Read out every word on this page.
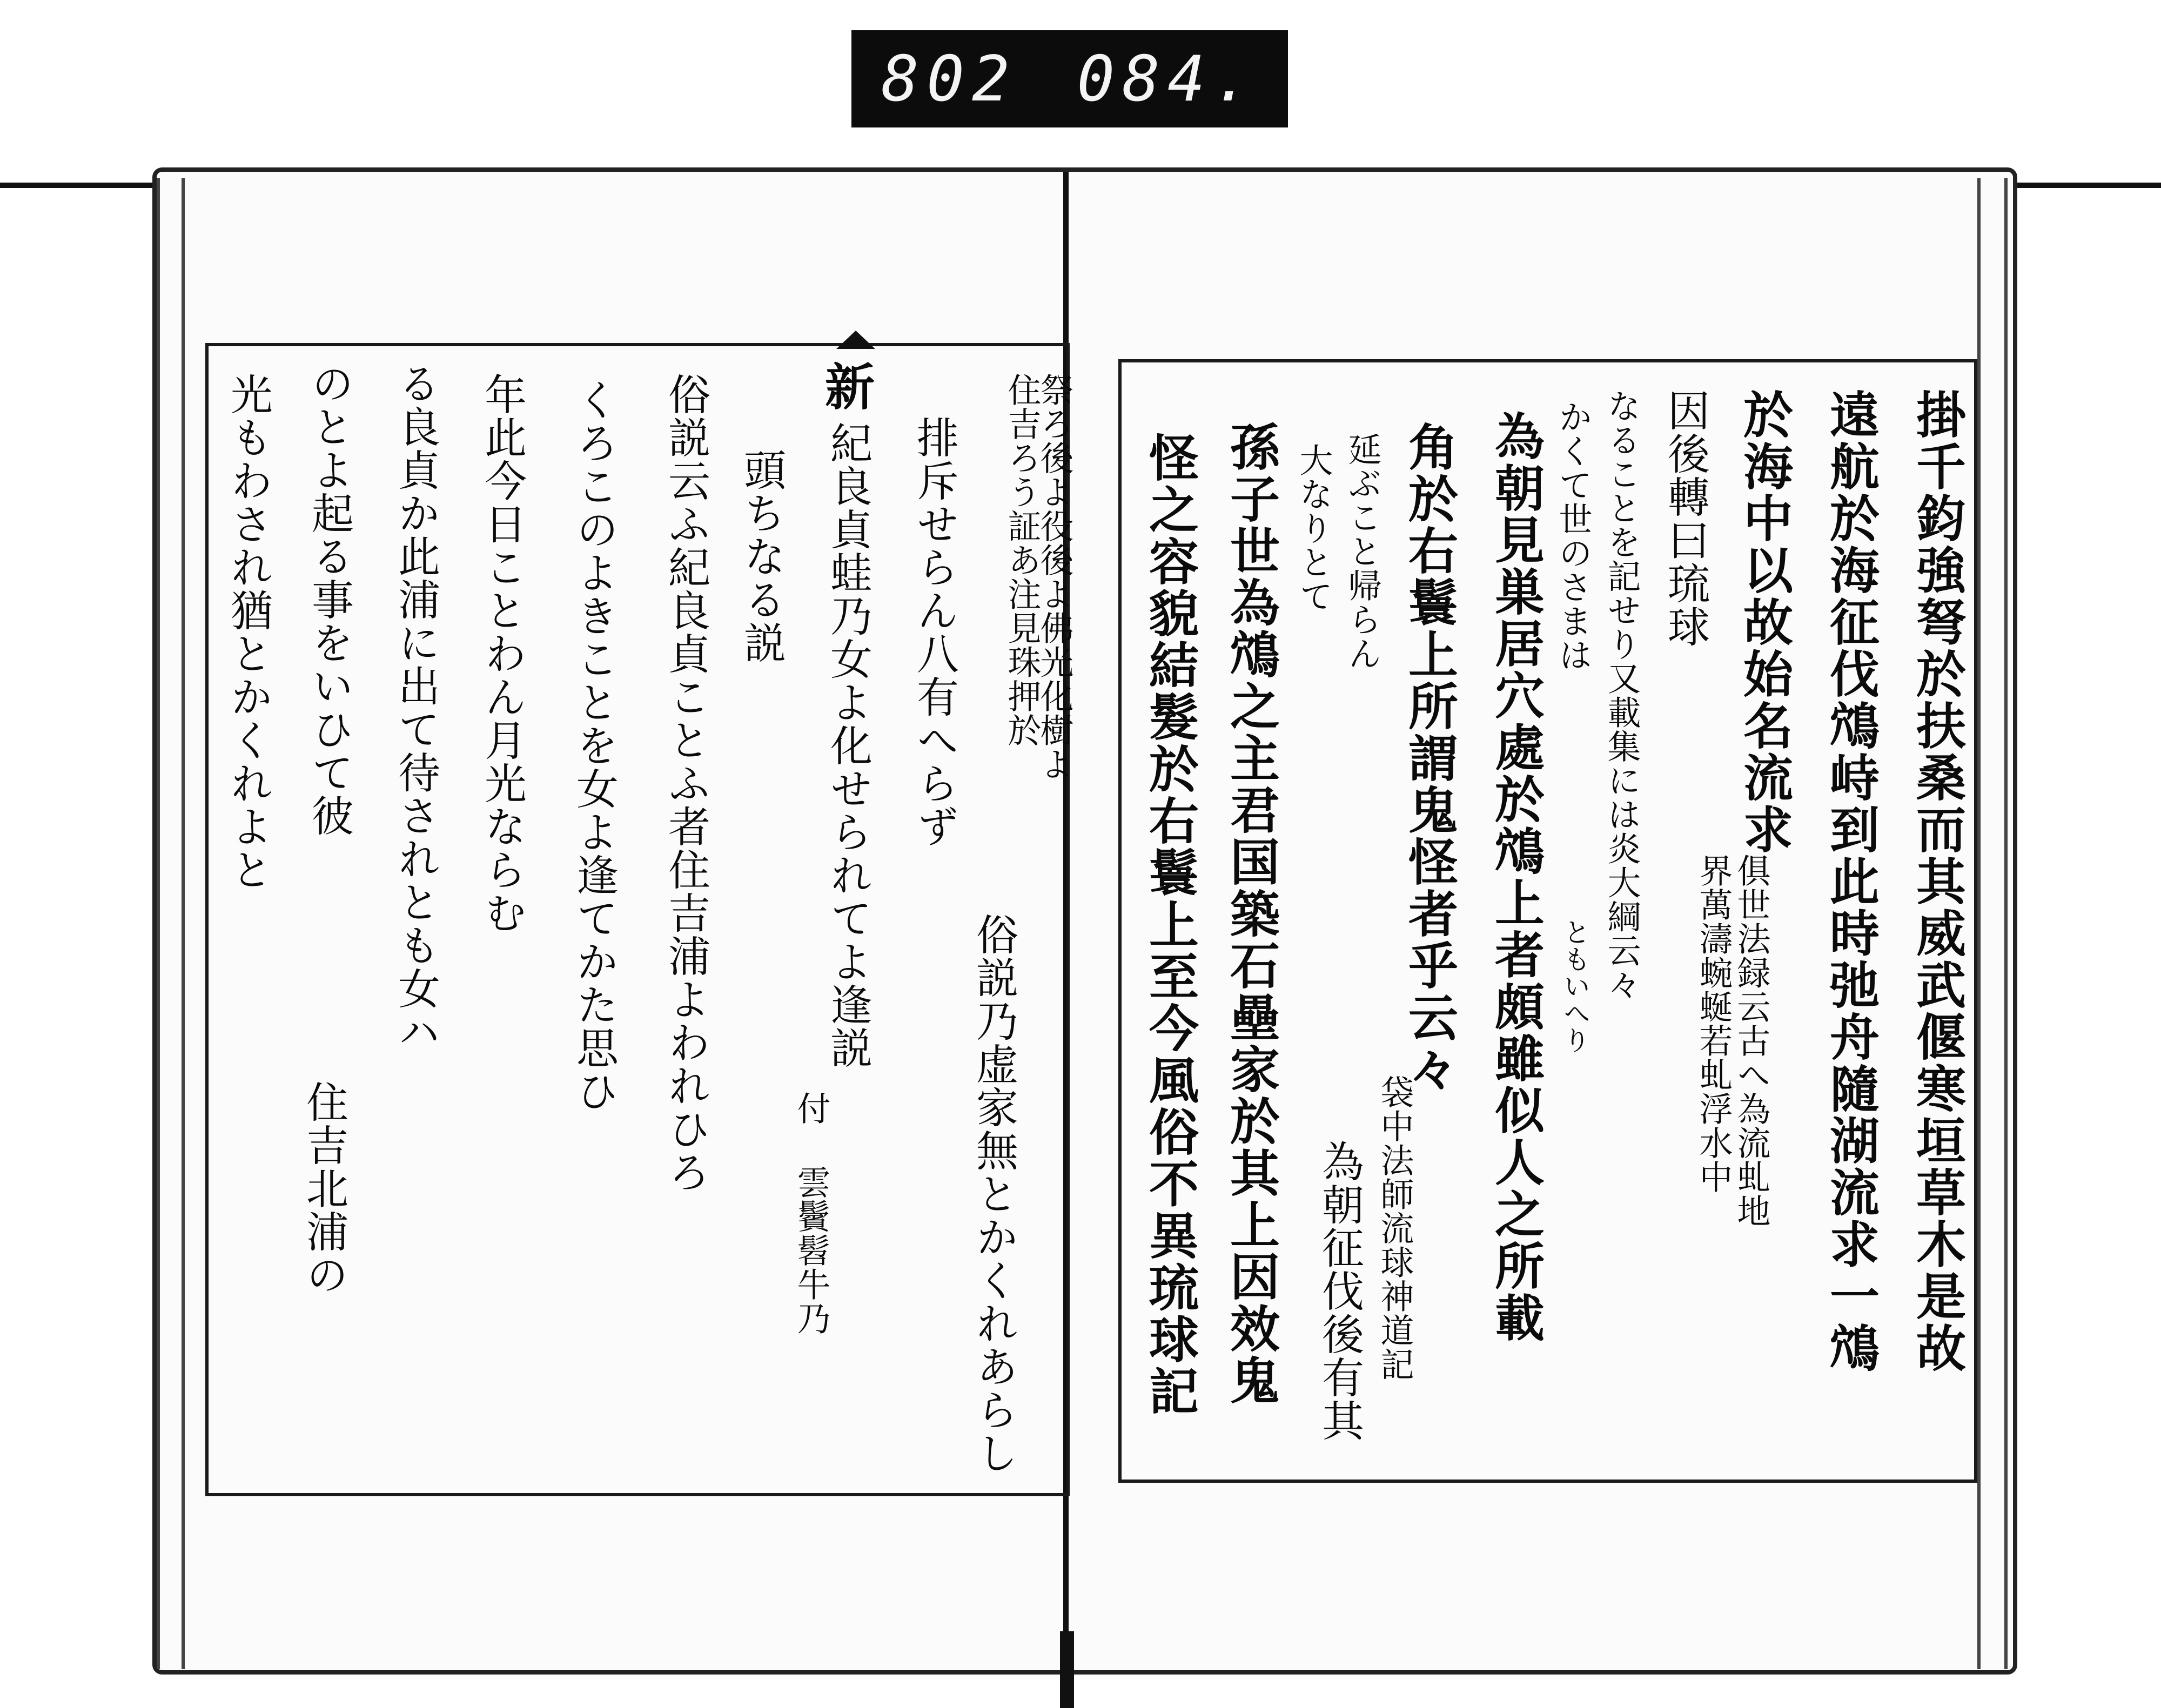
802 084.
新	祭ろ後よ役後よ佛光化樹よ
住吉ろう証あ注見珠押於
俗説乃虚家無とかくれあらし
紀良貞蛙乃女よ化せられてよ逢説
付 雲鬢髫牛乃
排斥せらん八有へらず
頭ちなる説
俗説云ふ紀良貞ことふ者住吉浦よわれひろ
くろこのよきことを女よ逢てかた思ひ
年此今日ことわん月光ならむ
る良貞か此浦に出て待されとも女ハ
のとよ起る事をいひて彼
光もわされ猶とかくれよと
住吉北浦の	掛千鈞強弩於扶桑而其威武偃寒垣草木是故
遠航於海征伐鴪峙到此時弛舟隨湖流求一鴪
於海中以故始名流求
俱世法録云古へ為流虬地
界萬濤蜿蜒若虬浮水中
因後轉曰琉球
なることを記せり又載集には炎大綱云々
かくて世のさまは
ともいへり
為朝見巣居穴處於鴪上者頗雖似人之所載
角於右鬟上所謂鬼怪者乎云々
延ぶこと帰らん
大なりとて
為朝征伐後有其 袋中法師流球神道記
孫子世為鴪之主君国築石壘家於其上因效鬼
怪之容貌結髮於右鬟上至今風俗不異琉球記
